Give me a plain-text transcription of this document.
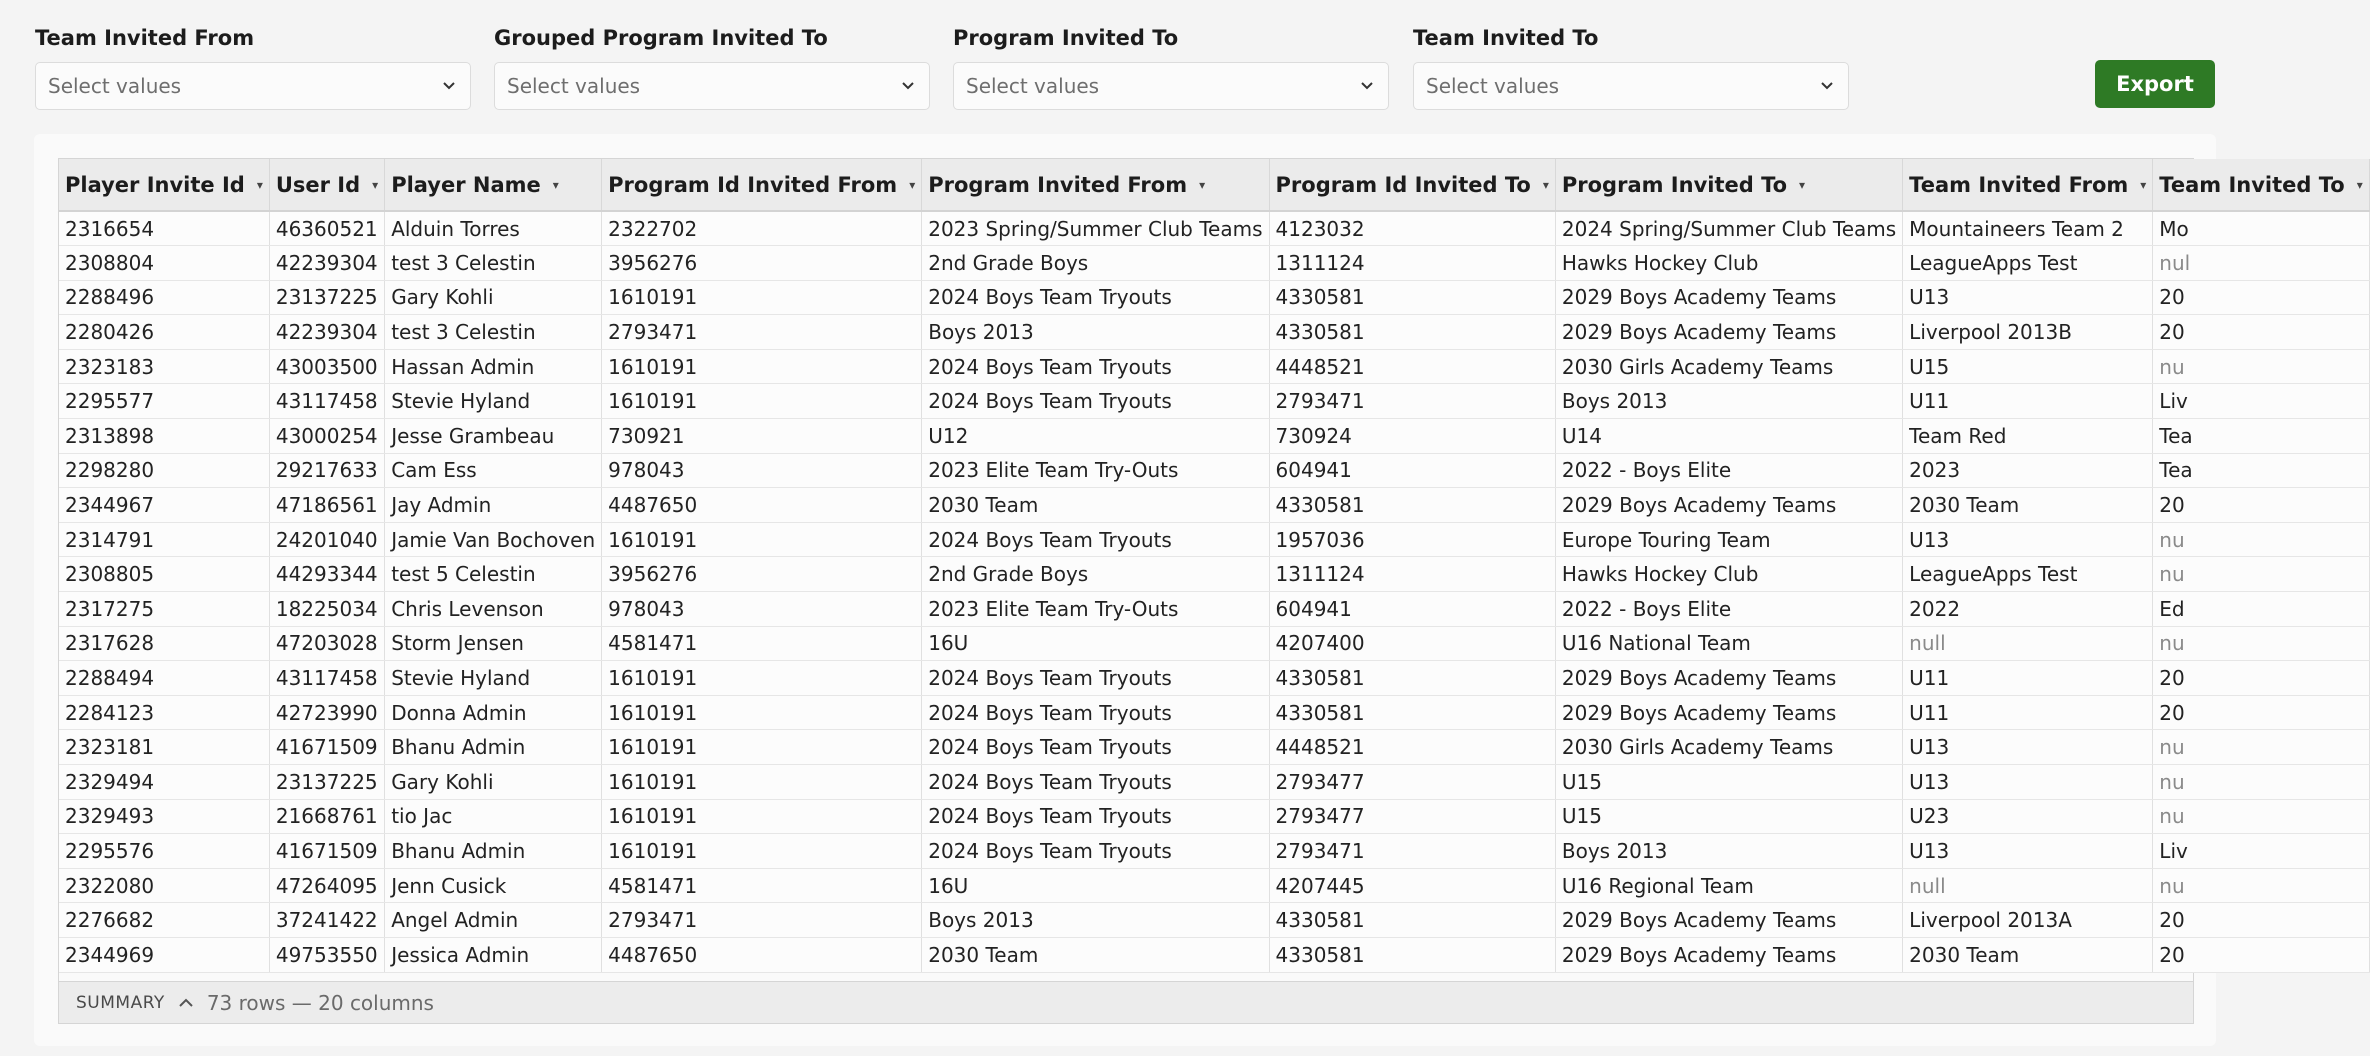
Team Invited From
Select values
Grouped Program Invited To
Select values
Program Invited To
Select values
Team Invited To
Select values	Export
Player Invite Id ▾	User Id ▾	Player Name ▾	Program Id Invited From ▾	Program Invited From ▾	Program Id Invited To ▾	Program Invited To ▾	Team Invited From ▾	Team Invited To ▾

2316654	46360521	Alduin Torres	2322702	2023 Spring/Summer Club Teams	4123032	2024 Spring/Summer Club Teams	Mountaineers Team 2	Mo
2308804	42239304	test 3 Celestin	3956276	2nd Grade Boys	1311124	Hawks Hockey Club	LeagueApps Test	nul
2288496	23137225	Gary Kohli	1610191	2024 Boys Team Tryouts	4330581	2029 Boys Academy Teams	U13	20
2280426	42239304	test 3 Celestin	2793471	Boys 2013	4330581	2029 Boys Academy Teams	Liverpool 2013B	20
2323183	43003500	Hassan Admin	1610191	2024 Boys Team Tryouts	4448521	2030 Girls Academy Teams	U15	nu
2295577	43117458	Stevie Hyland	1610191	2024 Boys Team Tryouts	2793471	Boys 2013	U11	Liv
2313898	43000254	Jesse Grambeau	730921	U12	730924	U14	Team Red	Tea
2298280	29217633	Cam Ess	978043	2023 Elite Team Try-Outs	604941	2022 - Boys Elite	2023	Tea
2344967	47186561	Jay Admin	4487650	2030 Team	4330581	2029 Boys Academy Teams	2030 Team	20
2314791	24201040	Jamie Van Bochoven	1610191	2024 Boys Team Tryouts	1957036	Europe Touring Team	U13	nu
2308805	44293344	test 5 Celestin	3956276	2nd Grade Boys	1311124	Hawks Hockey Club	LeagueApps Test	nu
2317275	18225034	Chris Levenson	978043	2023 Elite Team Try-Outs	604941	2022 - Boys Elite	2022	Ed
2317628	47203028	Storm Jensen	4581471	16U	4207400	U16 National Team	null	nu
2288494	43117458	Stevie Hyland	1610191	2024 Boys Team Tryouts	4330581	2029 Boys Academy Teams	U11	20
2284123	42723990	Donna Admin	1610191	2024 Boys Team Tryouts	4330581	2029 Boys Academy Teams	U11	20
2323181	41671509	Bhanu Admin	1610191	2024 Boys Team Tryouts	4448521	2030 Girls Academy Teams	U13	nu
2329494	23137225	Gary Kohli	1610191	2024 Boys Team Tryouts	2793477	U15	U13	nu
2329493	21668761	tio Jac	1610191	2024 Boys Team Tryouts	2793477	U15	U23	nu
2295576	41671509	Bhanu Admin	1610191	2024 Boys Team Tryouts	2793471	Boys 2013	U13	Liv
2322080	47264095	Jenn Cusick	4581471	16U	4207445	U16 Regional Team	null	nu
2276682	37241422	Angel Admin	2793471	Boys 2013	4330581	2029 Boys Academy Teams	Liverpool 2013A	20
2344969	49753550	Jessica Admin	4487650	2030 Team	4330581	2029 Boys Academy Teams	2030 Team	20
SUMMARY 73 rows — 20 columns
